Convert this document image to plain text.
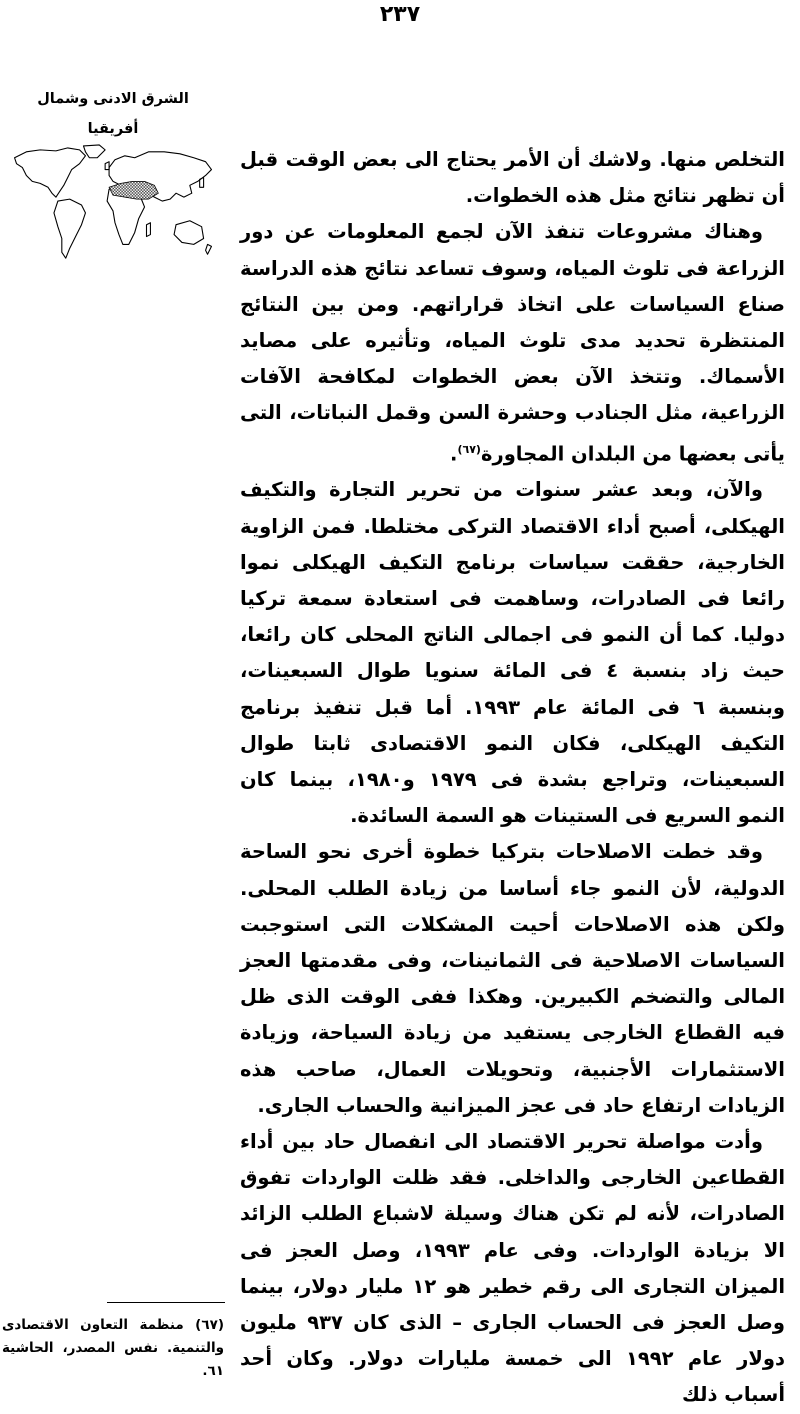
٢٣٧
الشرق الادنى وشمال
أفريقيا

التخلص منها. ولاشك أن الأمر يحتاج الى بعض الوقت قبل أن تظهر نتائج مثل هذه الخطوات.

وهناك مشروعات تنفذ الآن لجمع المعلومات عن دور الزراعة فى تلوث المياه، وسوف تساعد نتائج هذه الدراسة صناع السياسات على اتخاذ قراراتهم. ومن بين النتائج المنتظرة تحديد مدى تلوث المياه، وتأثيره على مصايد الأسماك. وتتخذ الآن بعض الخطوات لمكافحة الآفات الزراعية، مثل الجنادب وحشرة السن وقمل النباتات، التى يأتى بعضها من البلدان المجاورة$^{(٦٧)}$.

والآن، وبعد عشر سنوات من تحرير التجارة والتكيف الهيكلى، أصبح أداء الاقتصاد التركى مختلطا. فمن الزاوية الخارجية، حققت سياسات برنامج التكيف الهيكلى نموا رائعا فى الصادرات، وساهمت فى استعادة سمعة تركيا دوليا. كما أن النمو فى اجمالى الناتج المحلى كان رائعا، حيث زاد بنسبة ٤ فى المائة سنويا طوال السبعينات، وبنسبة ٦ فى المائة عام ١٩٩٣. أما قبل تنفيذ برنامج التكيف الهيكلى، فكان النمو الاقتصادى ثابتا طوال السبعينات، وتراجع بشدة فى ١٩٧٩ و١٩٨٠، بينما كان النمو السريع فى الستينات هو السمة السائدة.

وقد خطت الاصلاحات بتركيا خطوة أخرى نحو الساحة الدولية، لأن النمو جاء أساسا من زيادة الطلب المحلى. ولكن هذه الاصلاحات أحيت المشكلات التى استوجبت السياسات الاصلاحية فى الثمانينات، وفى مقدمتها العجز المالى والتضخم الكبيرين. وهكذا ففى الوقت الذى ظل فيه القطاع الخارجى يستفيد من زيادة السياحة، وزيادة الاستثمارات الأجنبية، وتحويلات العمال، صاحب هذه الزيادات ارتفاع حاد فى عجز الميزانية والحساب الجارى.

وأدت مواصلة تحرير الاقتصاد الى انفصال حاد بين أداء القطاعين الخارجى والداخلى. فقد ظلت الواردات تفوق الصادرات، لأنه لم تكن هناك وسيلة لاشباع الطلب الزائد الا بزيادة الواردات. وفى عام ١٩٩٣، وصل العجز فى الميزان التجارى الى رقم خطير هو ١٢ مليار دولار، بينما وصل العجز فى الحساب الجارى – الذى كان ٩٣٧ مليون دولار عام ١٩٩٢ الى خمسة مليارات دولار. وكان أحد أسباب ذلك

(٦٧) منظمة التعاون الاقتصادى والتنمية. نفس المصدر، الحاشية ٦١.
